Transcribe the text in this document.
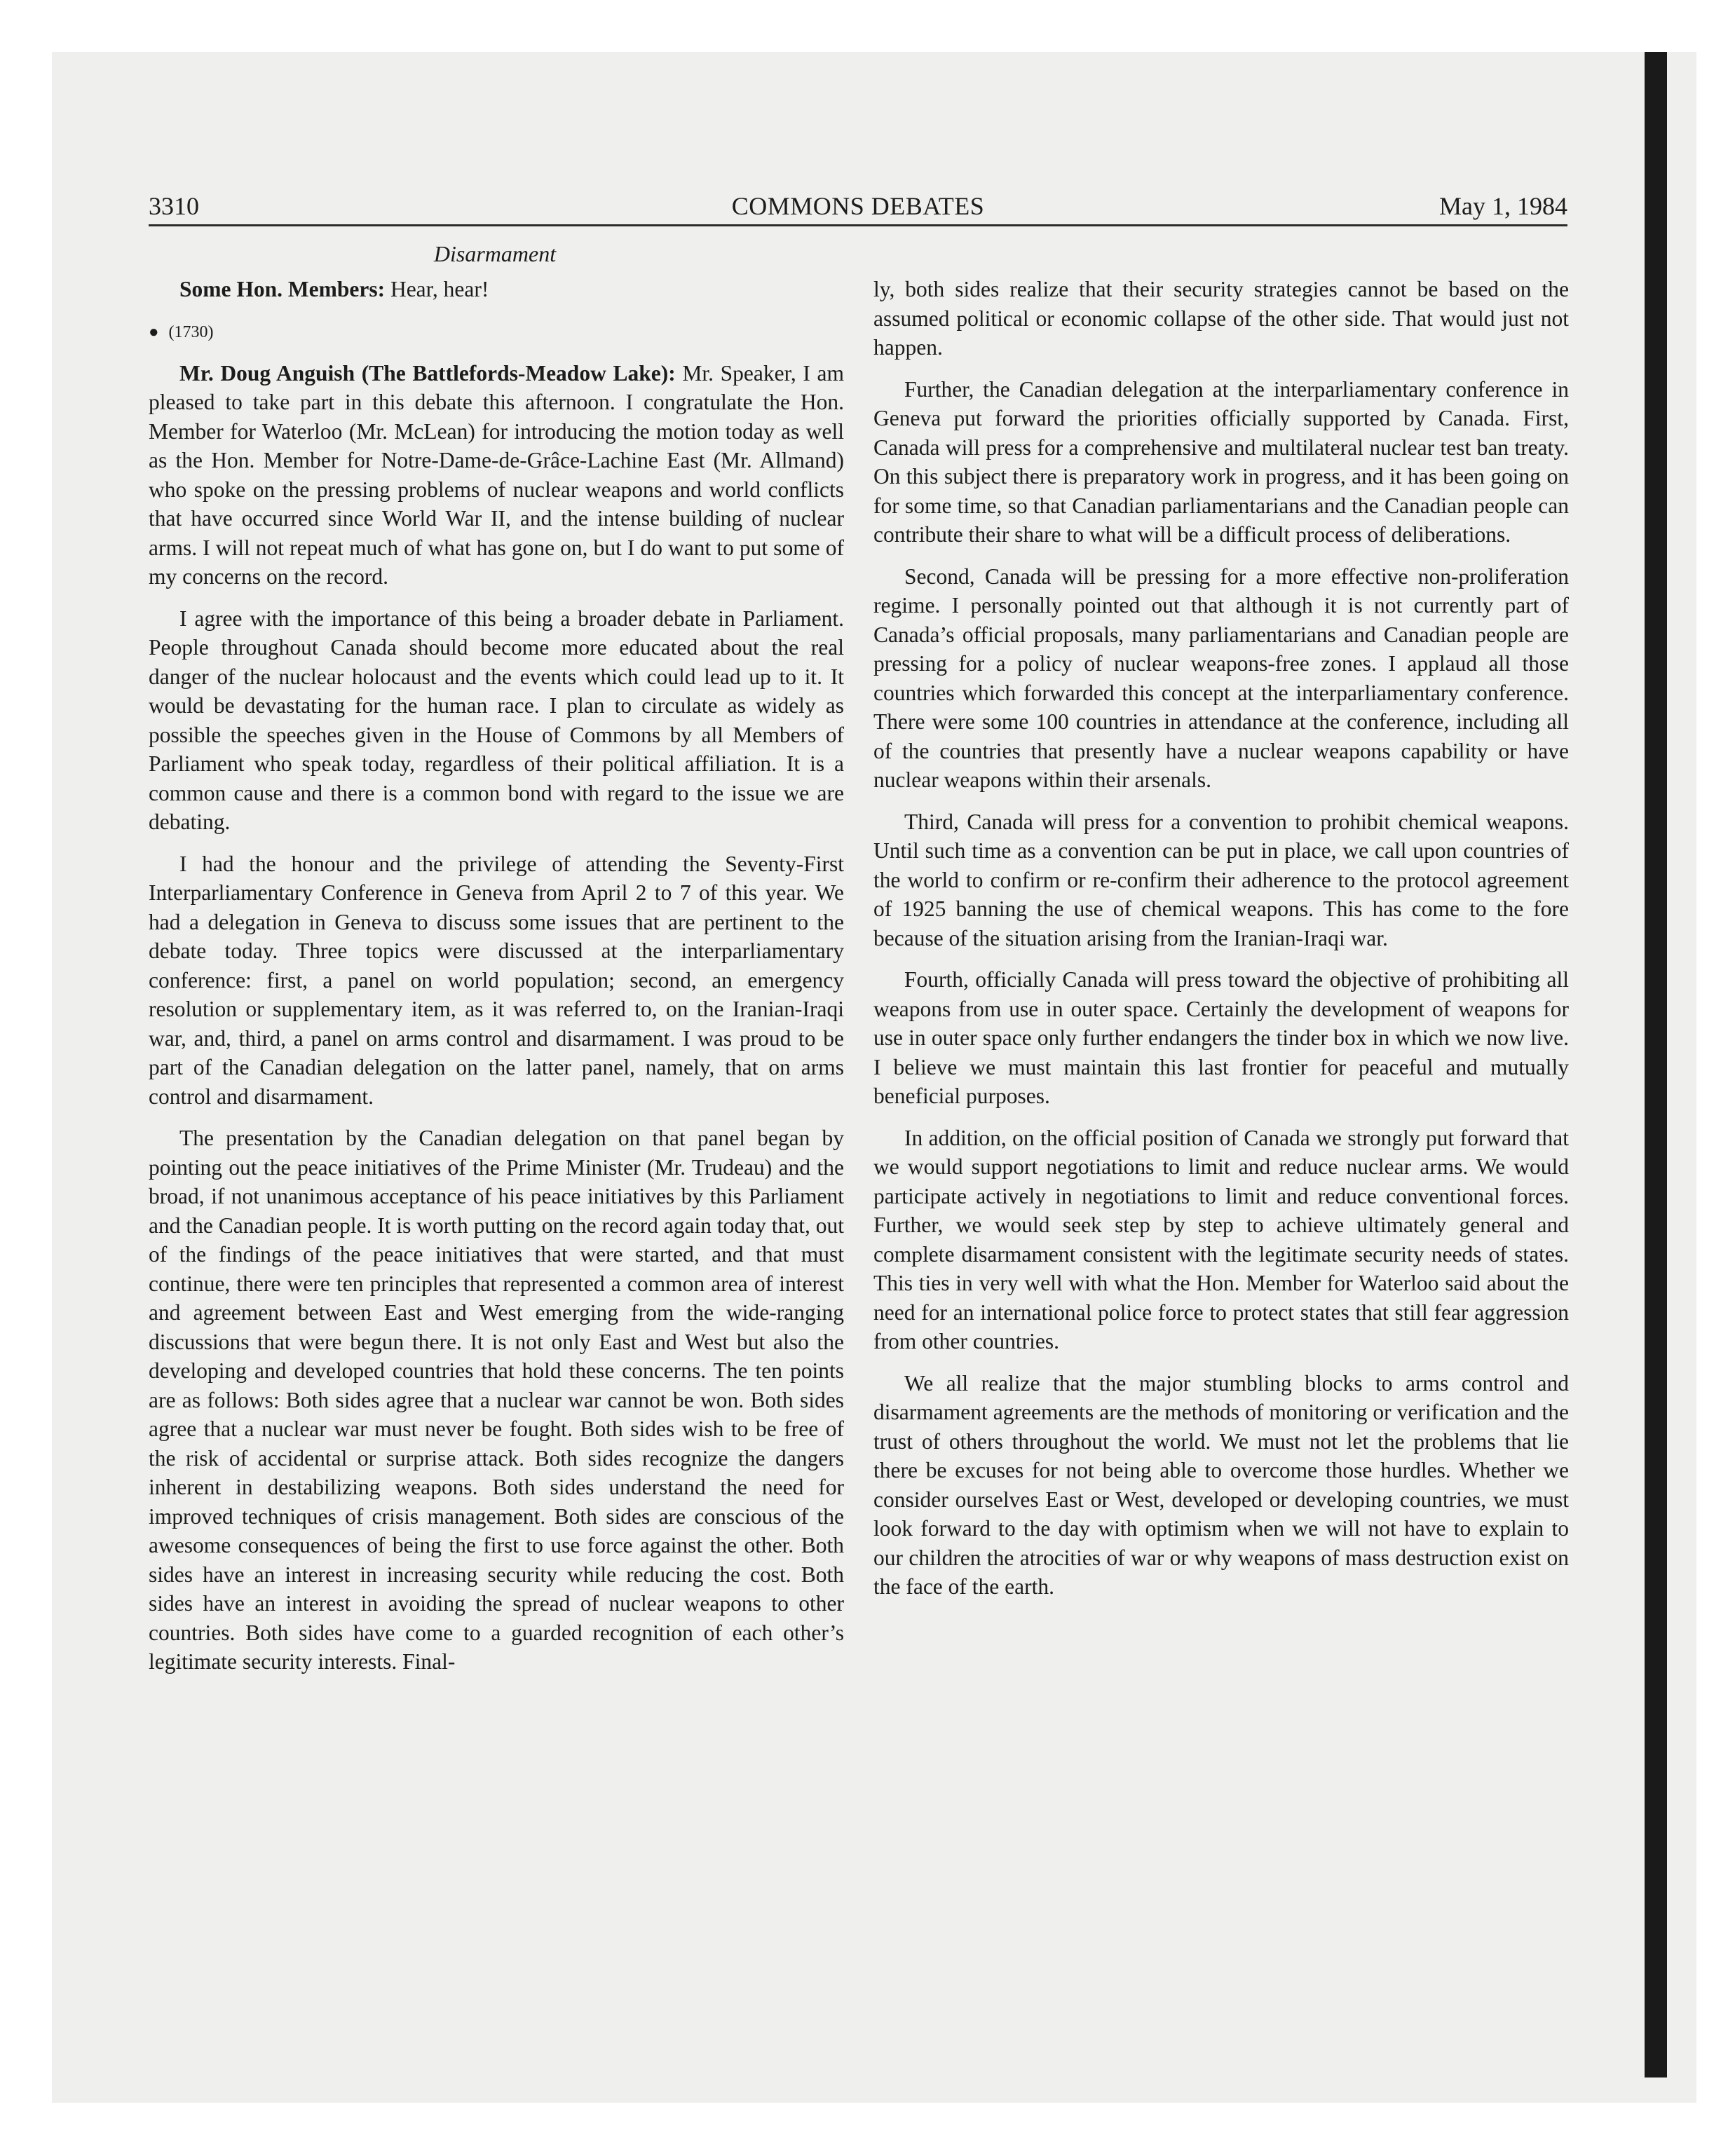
3310	COMMONS DEBATES	May 1, 1984
Disarmament

Some Hon. Members: Hear, hear!

● (1730)

Mr. Doug Anguish (The Battlefords-Meadow Lake): Mr. Speaker, I am pleased to take part in this debate this afternoon. I congratulate the Hon. Member for Waterloo (Mr. McLean) for introducing the motion today as well as the Hon. Member for Notre-Dame-de-Grâce-Lachine East (Mr. Allmand) who spoke on the pressing problems of nuclear weapons and world conflicts that have occurred since World War II, and the intense building of nuclear arms. I will not repeat much of what has gone on, but I do want to put some of my concerns on the record.

I agree with the importance of this being a broader debate in Parliament. People throughout Canada should become more educated about the real danger of the nuclear holocaust and the events which could lead up to it. It would be devastating for the human race. I plan to circulate as widely as possible the speeches given in the House of Commons by all Members of Parliament who speak today, regardless of their political affiliation. It is a common cause and there is a common bond with regard to the issue we are debating.

I had the honour and the privilege of attending the Seventy-First Interparliamentary Conference in Geneva from April 2 to 7 of this year. We had a delegation in Geneva to discuss some issues that are pertinent to the debate today. Three topics were discussed at the interparliamentary conference: first, a panel on world population; second, an emergency resolution or supplementary item, as it was referred to, on the Iranian-Iraqi war, and, third, a panel on arms control and disarmament. I was proud to be part of the Canadian delegation on the latter panel, namely, that on arms control and disarmament.

The presentation by the Canadian delegation on that panel began by pointing out the peace initiatives of the Prime Minister (Mr. Trudeau) and the broad, if not unanimous acceptance of his peace initiatives by this Parliament and the Canadian people. It is worth putting on the record again today that, out of the findings of the peace initiatives that were started, and that must continue, there were ten principles that represented a common area of interest and agreement between East and West emerging from the wide-ranging discussions that were begun there. It is not only East and West but also the developing and developed countries that hold these concerns. The ten points are as follows: Both sides agree that a nuclear war cannot be won. Both sides agree that a nuclear war must never be fought. Both sides wish to be free of the risk of accidental or surprise attack. Both sides recognize the dangers inherent in destabilizing weapons. Both sides understand the need for improved techniques of crisis management. Both sides are conscious of the awesome consequences of being the first to use force against the other. Both sides have an interest in increasing security while reducing the cost. Both sides have an interest in avoiding the spread of nuclear weapons to other countries. Both sides have come to a guarded recognition of each other’s legitimate security interests. Final-

ly, both sides realize that their security strategies cannot be based on the assumed political or economic collapse of the other side. That would just not happen.

Further, the Canadian delegation at the interparliamentary conference in Geneva put forward the priorities officially supported by Canada. First, Canada will press for a comprehensive and multilateral nuclear test ban treaty. On this subject there is preparatory work in progress, and it has been going on for some time, so that Canadian parliamentarians and the Canadian people can contribute their share to what will be a difficult process of deliberations.

Second, Canada will be pressing for a more effective non-proliferation regime. I personally pointed out that although it is not currently part of Canada’s official proposals, many parliamentarians and Canadian people are pressing for a policy of nuclear weapons-free zones. I applaud all those countries which forwarded this concept at the interparliamentary conference. There were some 100 countries in attendance at the conference, including all of the countries that presently have a nuclear weapons capability or have nuclear weapons within their arsenals.

Third, Canada will press for a convention to prohibit chemical weapons. Until such time as a convention can be put in place, we call upon countries of the world to confirm or re-confirm their adherence to the protocol agreement of 1925 banning the use of chemical weapons. This has come to the fore because of the situation arising from the Iranian-Iraqi war.

Fourth, officially Canada will press toward the objective of prohibiting all weapons from use in outer space. Certainly the development of weapons for use in outer space only further endangers the tinder box in which we now live. I believe we must maintain this last frontier for peaceful and mutually beneficial purposes.

In addition, on the official position of Canada we strongly put forward that we would support negotiations to limit and reduce nuclear arms. We would participate actively in negotiations to limit and reduce conventional forces. Further, we would seek step by step to achieve ultimately general and complete disarmament consistent with the legitimate security needs of states. This ties in very well with what the Hon. Member for Waterloo said about the need for an international police force to protect states that still fear aggression from other countries.

We all realize that the major stumbling blocks to arms control and disarmament agreements are the methods of monitoring or verification and the trust of others throughout the world. We must not let the problems that lie there be excuses for not being able to overcome those hurdles. Whether we consider ourselves East or West, developed or developing countries, we must look forward to the day with optimism when we will not have to explain to our children the atrocities of war or why weapons of mass destruction exist on the face of the earth.
